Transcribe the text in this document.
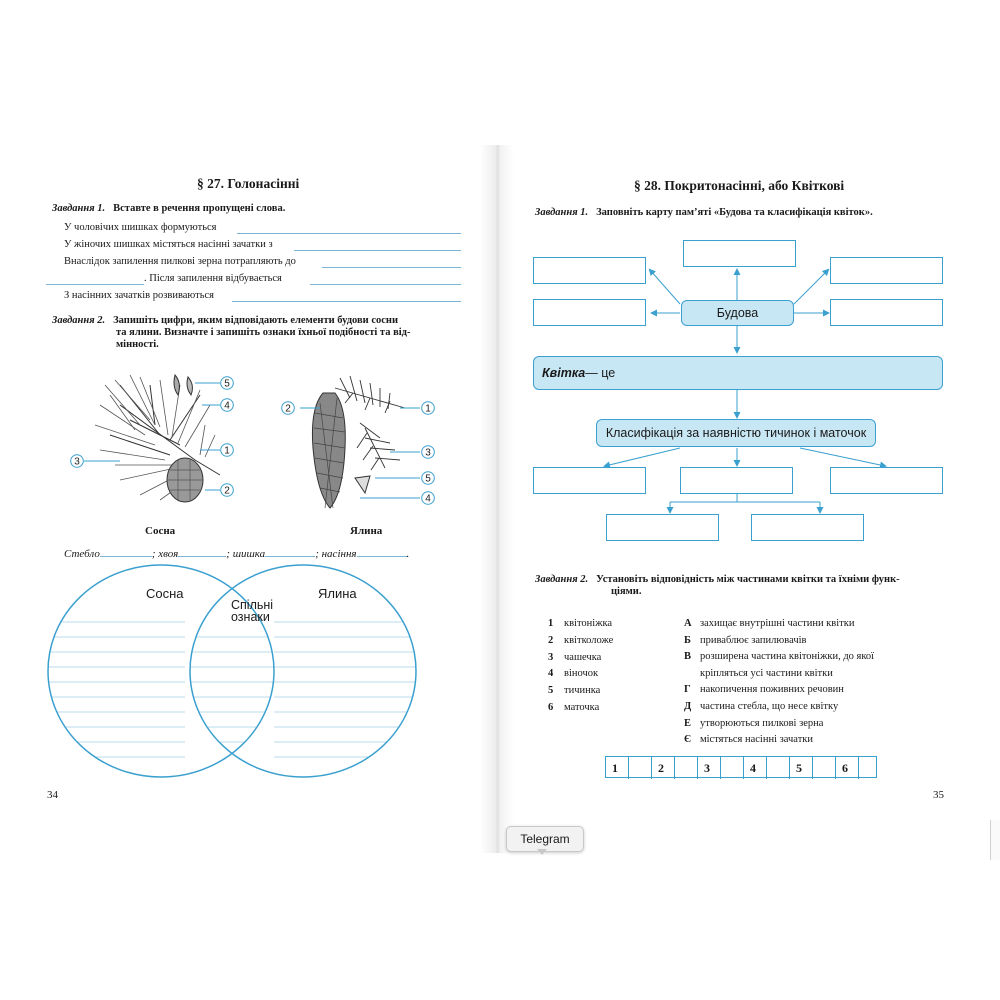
§ 27. Голонасінні
Завдання 1. Вставте в речення пропущені слова.
У чоловічих шишках формуються
У жіночих шишках містяться насінні зачатки з
Внаслідок запилення пилкові зерна потрапляють до
. Після запилення відбувається
З насінних зачатків розвиваються
Завдання 2. Запишіть цифри, яким відповідають елементи будови сосни
та ялини. Визначте і запишіть ознаки їхньої подібності та від-
мінності.
5
4
1
3
2
2	1
3
5
4
Сосна	Ялина
Стебло	; хвоя	; шишка	; насіння	.
Сосна	Ялина
Спільні
ознаки
34
§ 28. Покритонасінні, або Квіткові
Завдання 1. Заповніть карту пам’яті «Будова та класифікація квіток».
Будова
Квітка — це
Класифікація за наявністю тичинок і маточок
Завдання 2. Установіть відповідність між частинами квітки та їхніми функ-
ціями.
1 квітоніжка
2 квітколоже
3 чашечка
4 віночок
5 тичинка
6 маточка
А захищає внутрішні частини квітки
Б приваблює запилювачів
В розширена частина квітоніжки, до якої
кріпляться усі частини квітки
Г накопичення поживних речовин
Д частина стебла, що несе квітку
Е утворюються пилкові зерна
Є містяться насінні зачатки
1	2	3	4	5	6
35
Telegram
